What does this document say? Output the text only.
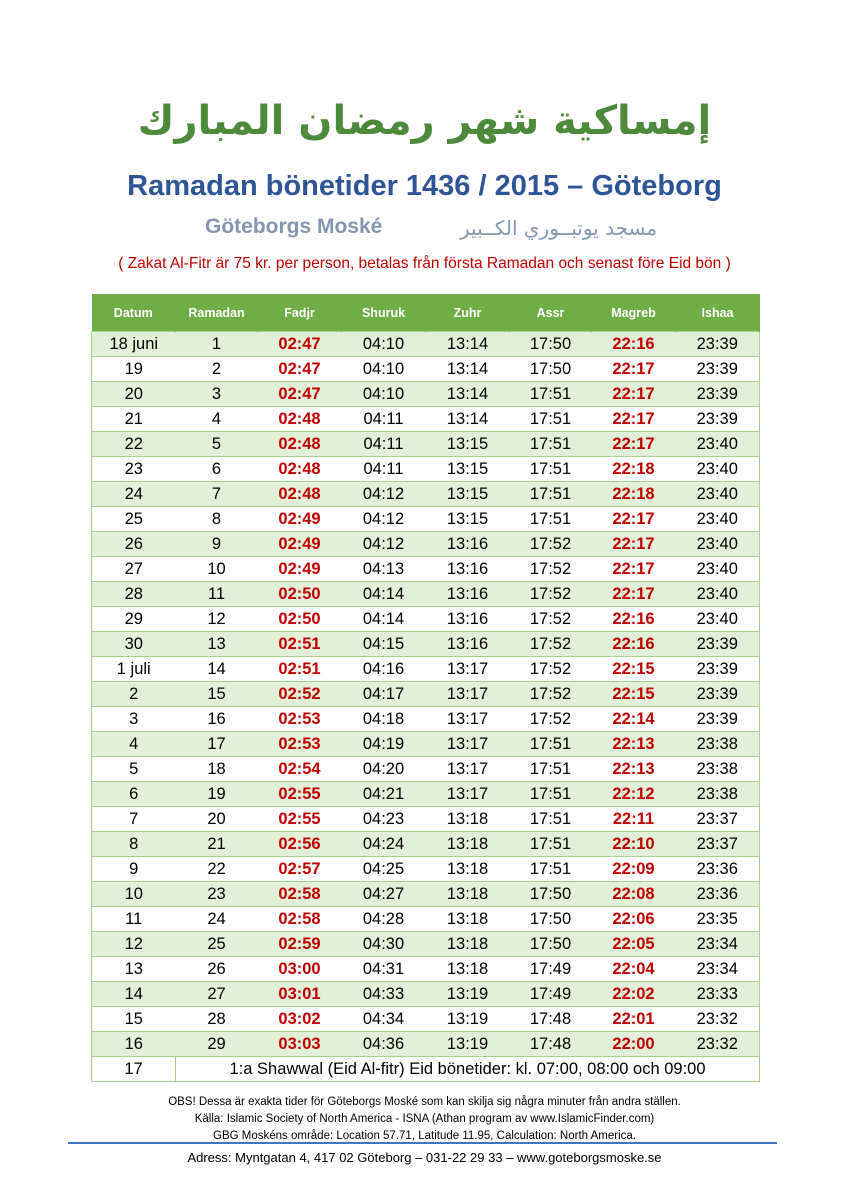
إمساكية شهر رمضان المبارك
Ramadan bönetider 1436 / 2015 – Göteborg
Göteborgs Moské	مسجد يوتبــوري الكــبير
( Zakat Al-Fitr är 75 kr. per person, betalas från första Ramadan och senast före Eid bön )
Datum	Ramadan	Fadjr	Shuruk	Zuhr	Assr	Magreb	Ishaa
18 juni	1	02:47	04:10	13:14	17:50	22:16	23:39
19	2	02:47	04:10	13:14	17:50	22:17	23:39
20	3	02:47	04:10	13:14	17:51	22:17	23:39
21	4	02:48	04:11	13:14	17:51	22:17	23:39
22	5	02:48	04:11	13:15	17:51	22:17	23:40
23	6	02:48	04:11	13:15	17:51	22:18	23:40
24	7	02:48	04:12	13:15	17:51	22:18	23:40
25	8	02:49	04:12	13:15	17:51	22:17	23:40
26	9	02:49	04:12	13:16	17:52	22:17	23:40
27	10	02:49	04:13	13:16	17:52	22:17	23:40
28	11	02:50	04:14	13:16	17:52	22:17	23:40
29	12	02:50	04:14	13:16	17:52	22:16	23:40
30	13	02:51	04:15	13:16	17:52	22:16	23:39
1 juli	14	02:51	04:16	13:17	17:52	22:15	23:39
2	15	02:52	04:17	13:17	17:52	22:15	23:39
3	16	02:53	04:18	13:17	17:52	22:14	23:39
4	17	02:53	04:19	13:17	17:51	22:13	23:38
5	18	02:54	04:20	13:17	17:51	22:13	23:38
6	19	02:55	04:21	13:17	17:51	22:12	23:38
7	20	02:55	04:23	13:18	17:51	22:11	23:37
8	21	02:56	04:24	13:18	17:51	22:10	23:37
9	22	02:57	04:25	13:18	17:51	22:09	23:36
10	23	02:58	04:27	13:18	17:50	22:08	23:36
11	24	02:58	04:28	13:18	17:50	22:06	23:35
12	25	02:59	04:30	13:18	17:50	22:05	23:34
13	26	03:00	04:31	13:18	17:49	22:04	23:34
14	27	03:01	04:33	13:19	17:49	22:02	23:33
15	28	03:02	04:34	13:19	17:48	22:01	23:32
16	29	03:03	04:36	13:19	17:48	22:00	23:32
17	1:a Shawwal (Eid Al-fitr) Eid bönetider: kl. 07:00, 08:00 och 09:00						
OBS! Dessa är exakta tider för Göteborgs Moské som kan skilja sig några minuter från andra ställen.
Källa: Islamic Society of North America - ISNA (Athan program av www.IslamicFinder.com)
GBG Moskéns område: Location 57.71, Latitude 11.95, Calculation: North America.
Adress: Myntgatan 4, 417 02 Göteborg – 031-22 29 33 – www.goteborgsmoske.se
